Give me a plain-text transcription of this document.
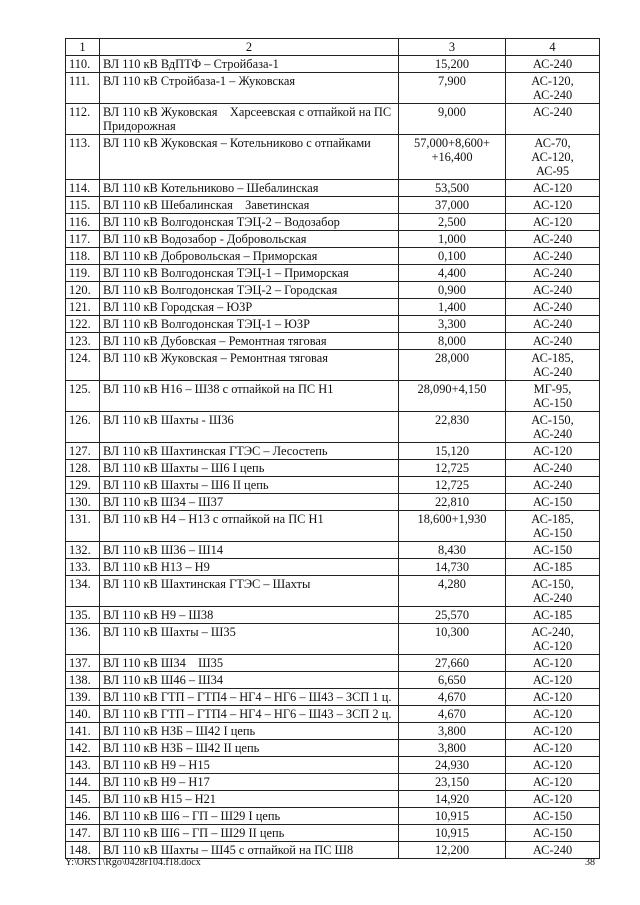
1	2	3	4
110.	ВЛ 110 кВ ВдПТФ – Стройбаза-1	15,200	АС-240
111.	ВЛ 110 кВ Стройбаза-1 – Жуковская	7,900	АС-120,
АС-240
112.	ВЛ 110 кВ Жуковская    Харсеевская с отпайкой на ПС Придорожная	9,000	АС-240
113.	ВЛ 110 кВ Жуковская – Котельниково с отпайками	57,000+8,600+
+16,400	АС-70,
АС-120,
АС-95
114.	ВЛ 110 кВ Котельниково – Шебалинская	53,500	АС-120
115.	ВЛ 110 кВ Шебалинская    Заветинская	37,000	АС-120
116.	ВЛ 110 кВ Волгодонская ТЭЦ-2 – Водозабор	2,500	АС-120
117.	ВЛ 110 кВ Водозабор - Добровольская	1,000	АС-240
118.	ВЛ 110 кВ Добровольская – Приморская	0,100	АС-240
119.	ВЛ 110 кВ Волгодонская ТЭЦ-1 – Приморская	4,400	АС-240
120.	ВЛ 110 кВ Волгодонская ТЭЦ-2 – Городская	0,900	АС-240
121.	ВЛ 110 кВ Городская – ЮЗР	1,400	АС-240
122.	ВЛ 110 кВ Волгодонская ТЭЦ-1 – ЮЗР	3,300	АС-240
123.	ВЛ 110 кВ Дубовская – Ремонтная тяговая	8,000	АС-240
124.	ВЛ 110 кВ Жуковская – Ремонтная тяговая	28,000	АС-185,
АС-240
125.	ВЛ 110 кВ Н16 – Ш38 с отпайкой на ПС Н1	28,090+4,150	МГ-95,
АС-150
126.	ВЛ 110 кВ Шахты - Ш36	22,830	АС-150,
АС-240
127.	ВЛ 110 кВ Шахтинская ГТЭС – Лесостепь	15,120	АС-120
128.	ВЛ 110 кВ Шахты – Ш6 I цепь	12,725	АС-240
129.	ВЛ 110 кВ Шахты – Ш6 II цепь	12,725	АС-240
130.	ВЛ 110 кВ Ш34 – Ш37	22,810	АС-150
131.	ВЛ 110 кВ Н4 – Н13 с отпайкой на ПС Н1	18,600+1,930	АС-185,
АС-150
132.	ВЛ 110 кВ Ш36 – Ш14	8,430	АС-150
133.	ВЛ 110 кВ Н13 – Н9	14,730	АС-185
134.	ВЛ 110 кВ Шахтинская ГТЭС – Шахты	4,280	АС-150,
АС-240
135.	ВЛ 110 кВ Н9 – Ш38	25,570	АС-185
136.	ВЛ 110 кВ Шахты – Ш35	10,300	АС-240,
АС-120
137.	ВЛ 110 кВ Ш34    Ш35	27,660	АС-120
138.	ВЛ 110 кВ Ш46 – Ш34	6,650	АС-120
139.	ВЛ 110 кВ ГТП – ГТП4 – НГ4 – НГ6 – Ш43 – ЗСП 1 ц.	4,670	АС-120
140.	ВЛ 110 кВ ГТП – ГТП4 – НГ4 – НГ6 – Ш43 – ЗСП 2 ц.	4,670	АС-120
141.	ВЛ 110 кВ НЗБ – Ш42 I цепь	3,800	АС-120
142.	ВЛ 110 кВ НЗБ – Ш42 II цепь	3,800	АС-120
143.	ВЛ 110 кВ Н9 – Н15	24,930	АС-120
144.	ВЛ 110 кВ Н9 – Н17	23,150	АС-120
145.	ВЛ 110 кВ Н15 – Н21	14,920	АС-120
146.	ВЛ 110 кВ Ш6 – ГП – Ш29 I цепь	10,915	АС-150
147.	ВЛ 110 кВ Ш6 – ГП – Ш29 II цепь	10,915	АС-150
148.	ВЛ 110 кВ Шахты – Ш45 с отпайкой на ПС Ш8	12,200	АС-240
Y:\ORST\Rgo\0428r104.f18.docx	38
